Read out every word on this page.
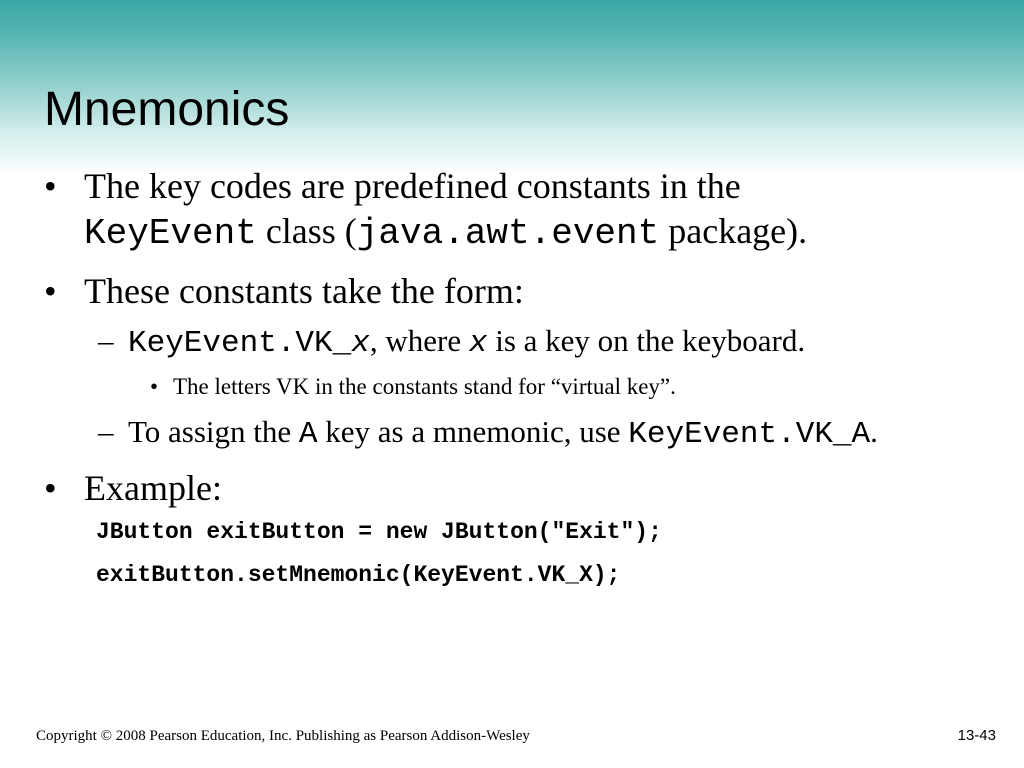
Mnemonics
• The key codes are predefined constants in the
KeyEvent class (java.awt.event package).
• These constants take the form:
– KeyEvent.VK_x, where x is a key on the keyboard.
• The letters VK in the constants stand for “virtual key”.
– To assign the A key as a mnemonic, use KeyEvent.VK_A.
• Example:
JButton exitButton = new JButton("Exit");
exitButton.setMnemonic(KeyEvent.VK_X);
Copyright © 2008 Pearson Education, Inc. Publishing as Pearson Addison-Wesley	13-43
